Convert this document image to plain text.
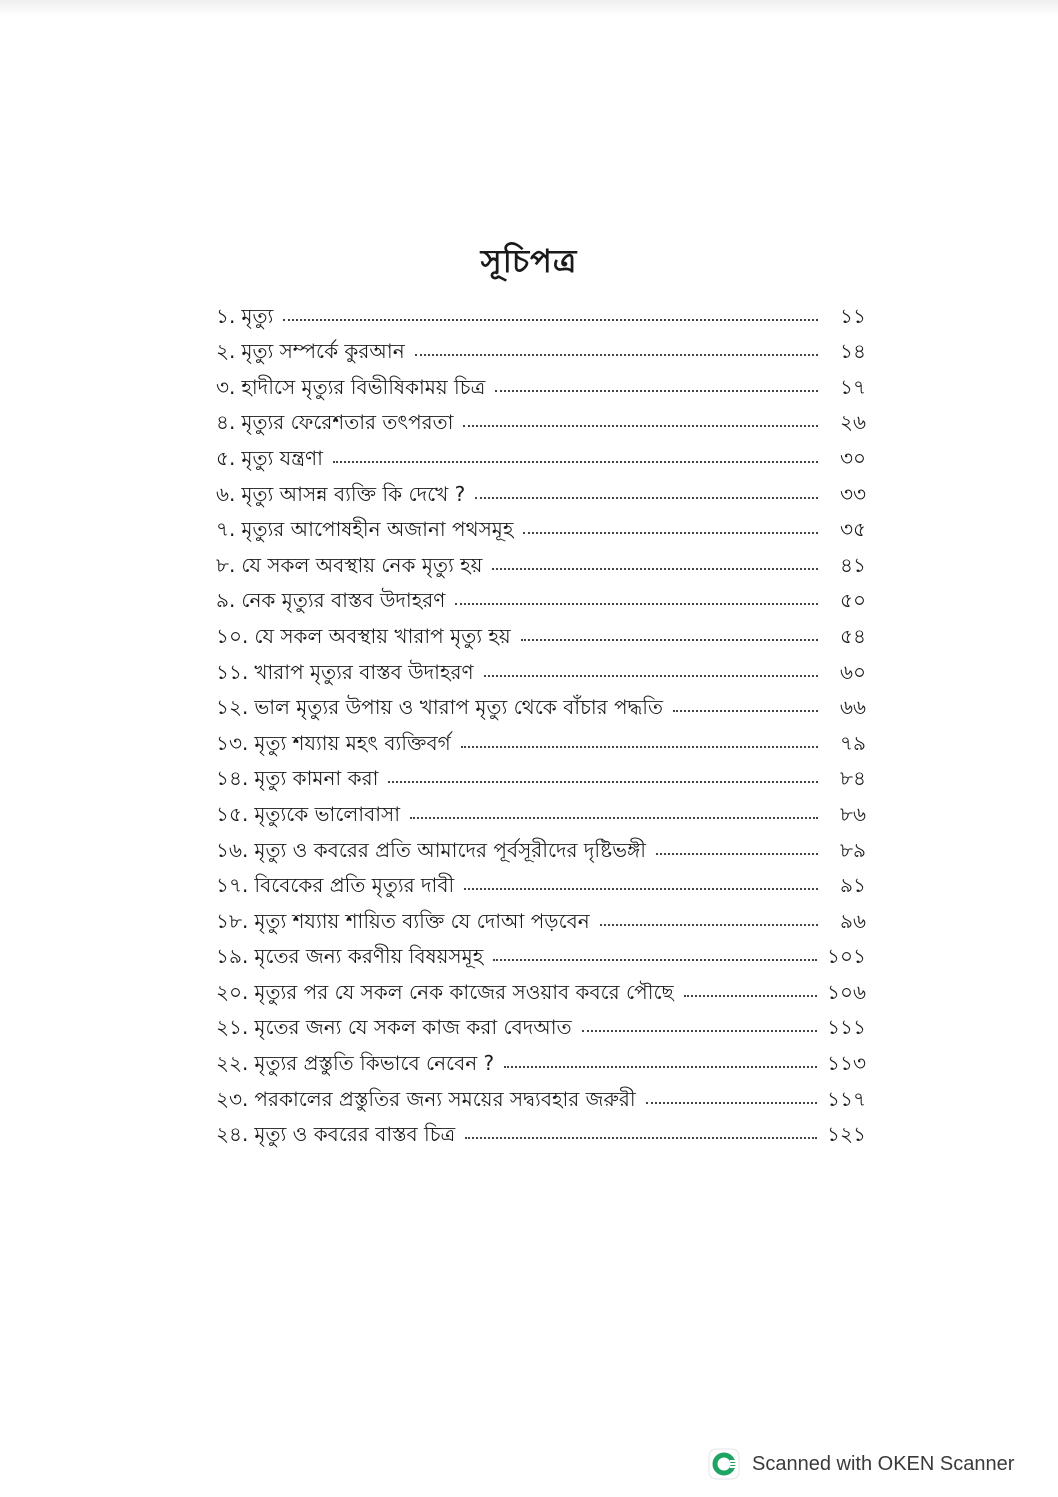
সূচিপত্র
১. মৃত্যু	১১
২. মৃত্যু সম্পর্কে কুরআন	১৪
৩. হাদীসে মৃত্যুর বিভীষিকাময় চিত্র	১৭
৪. মৃত্যুর ফেরেশতার তৎপরতা	২৬
৫. মৃত্যু যন্ত্রণা	৩০
৬. মৃত্যু আসন্ন ব্যক্তি কি দেখে ?	৩৩
৭. মৃত্যুর আপোষহীন অজানা পথসমূহ	৩৫
৮. যে সকল অবস্থায় নেক মৃত্যু হয়	৪১
৯. নেক মৃত্যুর বাস্তব উদাহরণ	৫০
১০. যে সকল অবস্থায় খারাপ মৃত্যু হয়	৫৪
১১. খারাপ মৃত্যুর বাস্তব উদাহরণ	৬০
১২. ভাল মৃত্যুর উপায় ও খারাপ মৃত্যু থেকে বাঁচার পদ্ধতি	৬৬
১৩. মৃত্যু শয্যায় মহৎ ব্যক্তিবর্গ	৭৯
১৪. মৃত্যু কামনা করা	৮৪
১৫. মৃত্যুকে ভালোবাসা	৮৬
১৬. মৃত্যু ও কবরের প্রতি আমাদের পূর্বসূরীদের দৃষ্টিভঙ্গী	৮৯
১৭. বিবেকের প্রতি মৃত্যুর দাবী	৯১
১৮. মৃত্যু শয্যায় শায়িত ব্যক্তি যে দোআ পড়বেন	৯৬
১৯. মৃতের জন্য করণীয় বিষয়সমূহ	১০১
২০. মৃত্যুর পর যে সকল নেক কাজের সওয়াব কবরে পৌছে	১০৬
২১. মৃতের জন্য যে সকল কাজ করা বেদআত	১১১
২২. মৃত্যুর প্রস্তুতি কিভাবে নেবেন ?	১১৩
২৩. পরকালের প্রস্তুতির জন্য সময়ের সদ্ব্যবহার জরুরী	১১৭
২৪. মৃত্যু ও কবরের বাস্তব চিত্র	১২১
Scanned with OKEN Scanner
